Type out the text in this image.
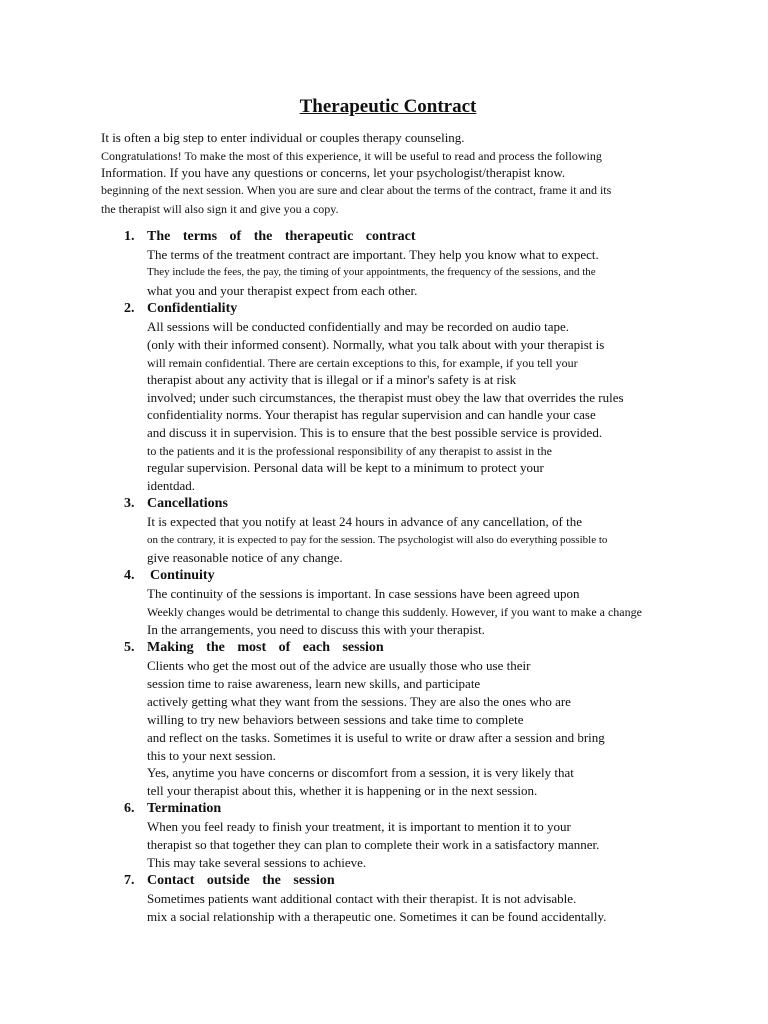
Therapeutic Contract
It is often a big step to enter individual or couples therapy counseling.
Congratulations! To make the most of this experience, it will be useful to read and process the following
Information. If you have any questions or concerns, let your psychologist/therapist know.
beginning of the next session. When you are sure and clear about the terms of the contract, frame it and its
the therapist will also sign it and give you a copy.
1. The terms of the therapeutic contract
The terms of the treatment contract are important. They help you know what to expect.
They include the fees, the pay, the timing of your appointments, the frequency of the sessions, and the
what you and your therapist expect from each other.
2. Confidentiality
All sessions will be conducted confidentially and may be recorded on audio tape.
(only with their informed consent). Normally, what you talk about with your therapist is
will remain confidential. There are certain exceptions to this, for example, if you tell your
therapist about any activity that is illegal or if a minor's safety is at risk
involved; under such circumstances, the therapist must obey the law that overrides the rules
confidentiality norms. Your therapist has regular supervision and can handle your case
and discuss it in supervision. This is to ensure that the best possible service is provided.
to the patients and it is the professional responsibility of any therapist to assist in the
regular supervision. Personal data will be kept to a minimum to protect your
identdad.
3. Cancellations
It is expected that you notify at least 24 hours in advance of any cancellation, of the
on the contrary, it is expected to pay for the session. The psychologist will also do everything possible to
give reasonable notice of any change.
4. Continuity
The continuity of the sessions is important. In case sessions have been agreed upon
Weekly changes would be detrimental to change this suddenly. However, if you want to make a change
In the arrangements, you need to discuss this with your therapist.
5. Making the most of each session
Clients who get the most out of the advice are usually those who use their
session time to raise awareness, learn new skills, and participate
actively getting what they want from the sessions. They are also the ones who are
willing to try new behaviors between sessions and take time to complete
and reflect on the tasks. Sometimes it is useful to write or draw after a session and bring
this to your next session.
Yes, anytime you have concerns or discomfort from a session, it is very likely that
tell your therapist about this, whether it is happening or in the next session.
6. Termination
When you feel ready to finish your treatment, it is important to mention it to your
therapist so that together they can plan to complete their work in a satisfactory manner.
This may take several sessions to achieve.
7. Contact outside the session
Sometimes patients want additional contact with their therapist. It is not advisable.
mix a social relationship with a therapeutic one. Sometimes it can be found accidentally.
